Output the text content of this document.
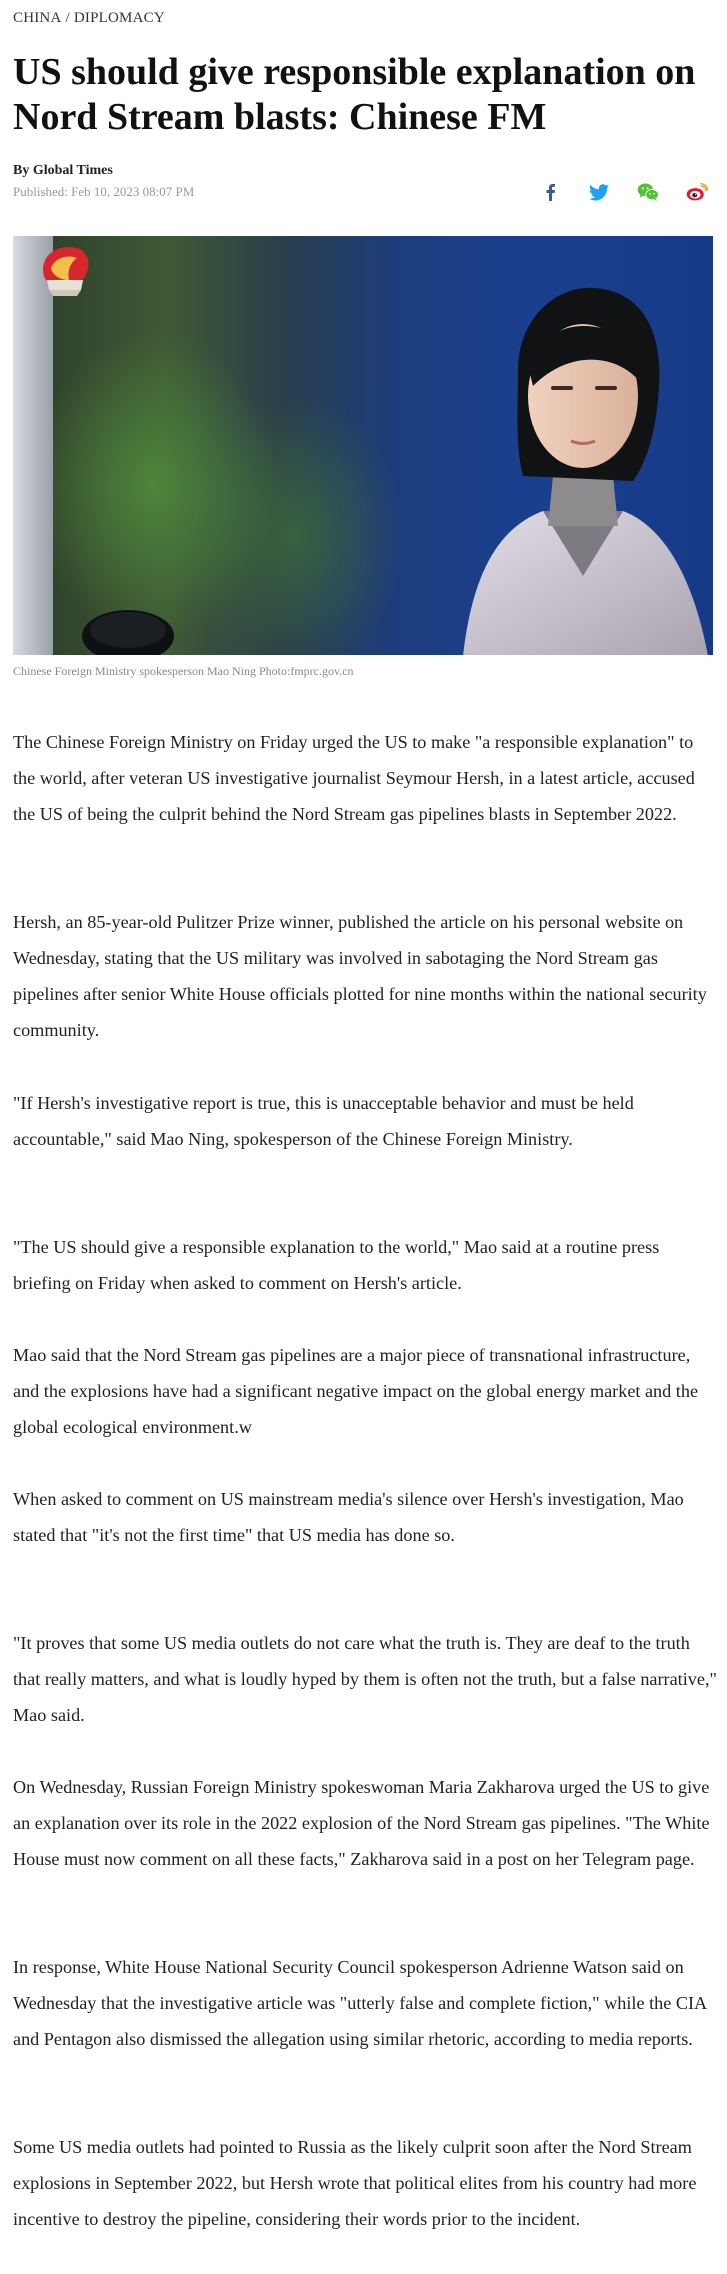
CHINA / DIPLOMACY
US should give responsible explanation on Nord Stream blasts: Chinese FM
By Global Times
Published: Feb 10, 2023 08:07 PM
Chinese Foreign Ministry spokesperson Mao Ning Photo:fmprc.gov.cn

The Chinese Foreign Ministry on Friday urged the US to make "a responsible explanation" to the world, after veteran US investigative journalist Seymour Hersh, in a latest article, accused the US of being the culprit behind the Nord Stream gas pipelines blasts in September 2022.

Hersh, an 85-year-old Pulitzer Prize winner, published the article on his personal website on Wednesday, stating that the US military was involved in sabotaging the Nord Stream gas pipelines after senior White House officials plotted for nine months within the national security community.

"If Hersh's investigative report is true, this is unacceptable behavior and must be held accountable," said Mao Ning, spokesperson of the Chinese Foreign Ministry.

"The US should give a responsible explanation to the world," Mao said at a routine press briefing on Friday when asked to comment on Hersh's article.

Mao said that the Nord Stream gas pipelines are a major piece of transnational infrastructure, and the explosions have had a significant negative impact on the global energy market and the global ecological environment.w

When asked to comment on US mainstream media's silence over Hersh's investigation, Mao stated that "it's not the first time" that US media has done so.

"It proves that some US media outlets do not care what the truth is. They are deaf to the truth that really matters, and what is loudly hyped by them is often not the truth, but a false narrative," Mao said.

On Wednesday, Russian Foreign Ministry spokeswoman Maria Zakharova urged the US to give an explanation over its role in the 2022 explosion of the Nord Stream gas pipelines. "The White House must now comment on all these facts," Zakharova said in a post on her Telegram page.

In response, White House National Security Council spokesperson Adrienne Watson said on Wednesday that the investigative article was "utterly false and complete fiction," while the CIA and Pentagon also dismissed the allegation using similar rhetoric, according to media reports.

Some US media outlets had pointed to Russia as the likely culprit soon after the Nord Stream explosions in September 2022, but Hersh wrote that political elites from his country had more incentive to destroy the pipeline, considering their words prior to the incident.
